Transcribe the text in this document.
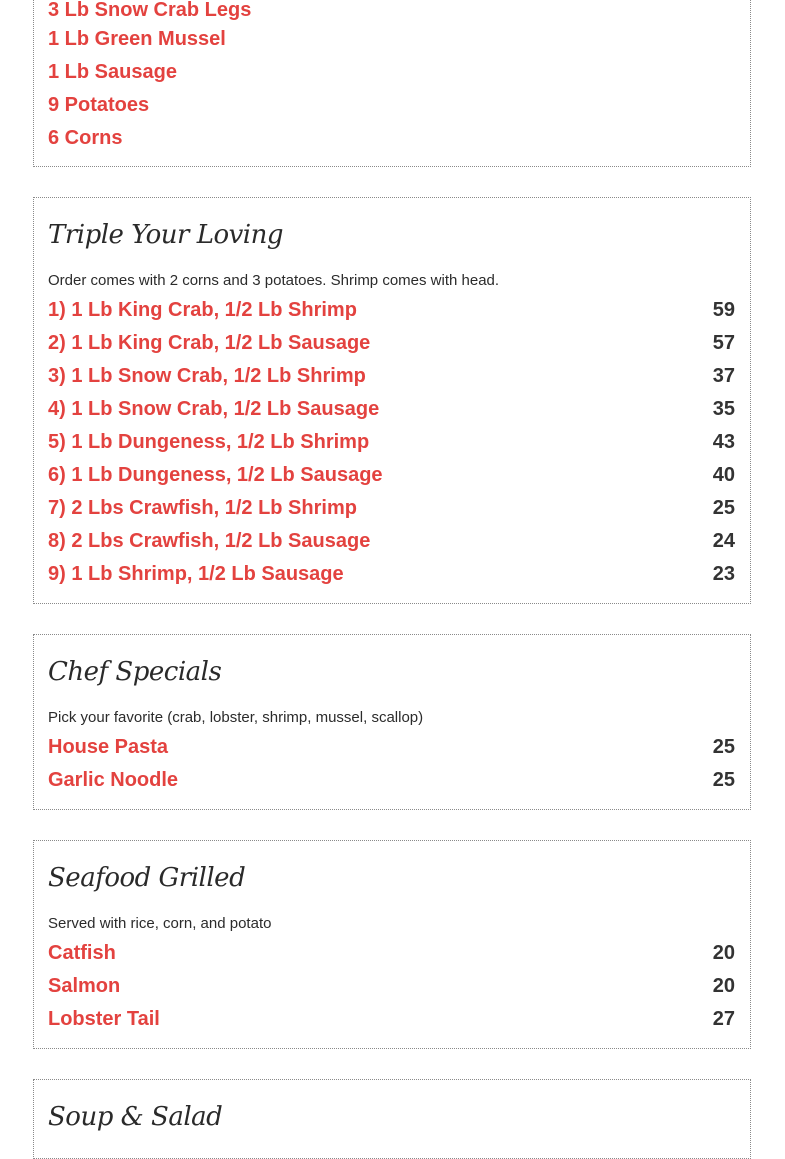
3 Lb Snow Crab Legs
1 Lb Green Mussel
1 Lb Sausage
9 Potatoes
6 Corns
Triple Your Loving
Order comes with 2 corns and 3 potatoes. Shrimp comes with head.
1) 1 Lb King Crab, 1/2 Lb Shrimp	59
2) 1 Lb King Crab, 1/2 Lb Sausage	57
3) 1 Lb Snow Crab, 1/2 Lb Shrimp	37
4) 1 Lb Snow Crab, 1/2 Lb Sausage	35
5) 1 Lb Dungeness, 1/2 Lb Shrimp	43
6) 1 Lb Dungeness, 1/2 Lb Sausage	40
7) 2 Lbs Crawfish, 1/2 Lb Shrimp	25
8) 2 Lbs Crawfish, 1/2 Lb Sausage	24
9) 1 Lb Shrimp, 1/2 Lb Sausage	23
Chef Specials
Pick your favorite (crab, lobster, shrimp, mussel, scallop)
House Pasta	25
Garlic Noodle	25
Seafood Grilled
Served with rice, corn, and potato
Catfish	20
Salmon	20
Lobster Tail	27
Soup & Salad
